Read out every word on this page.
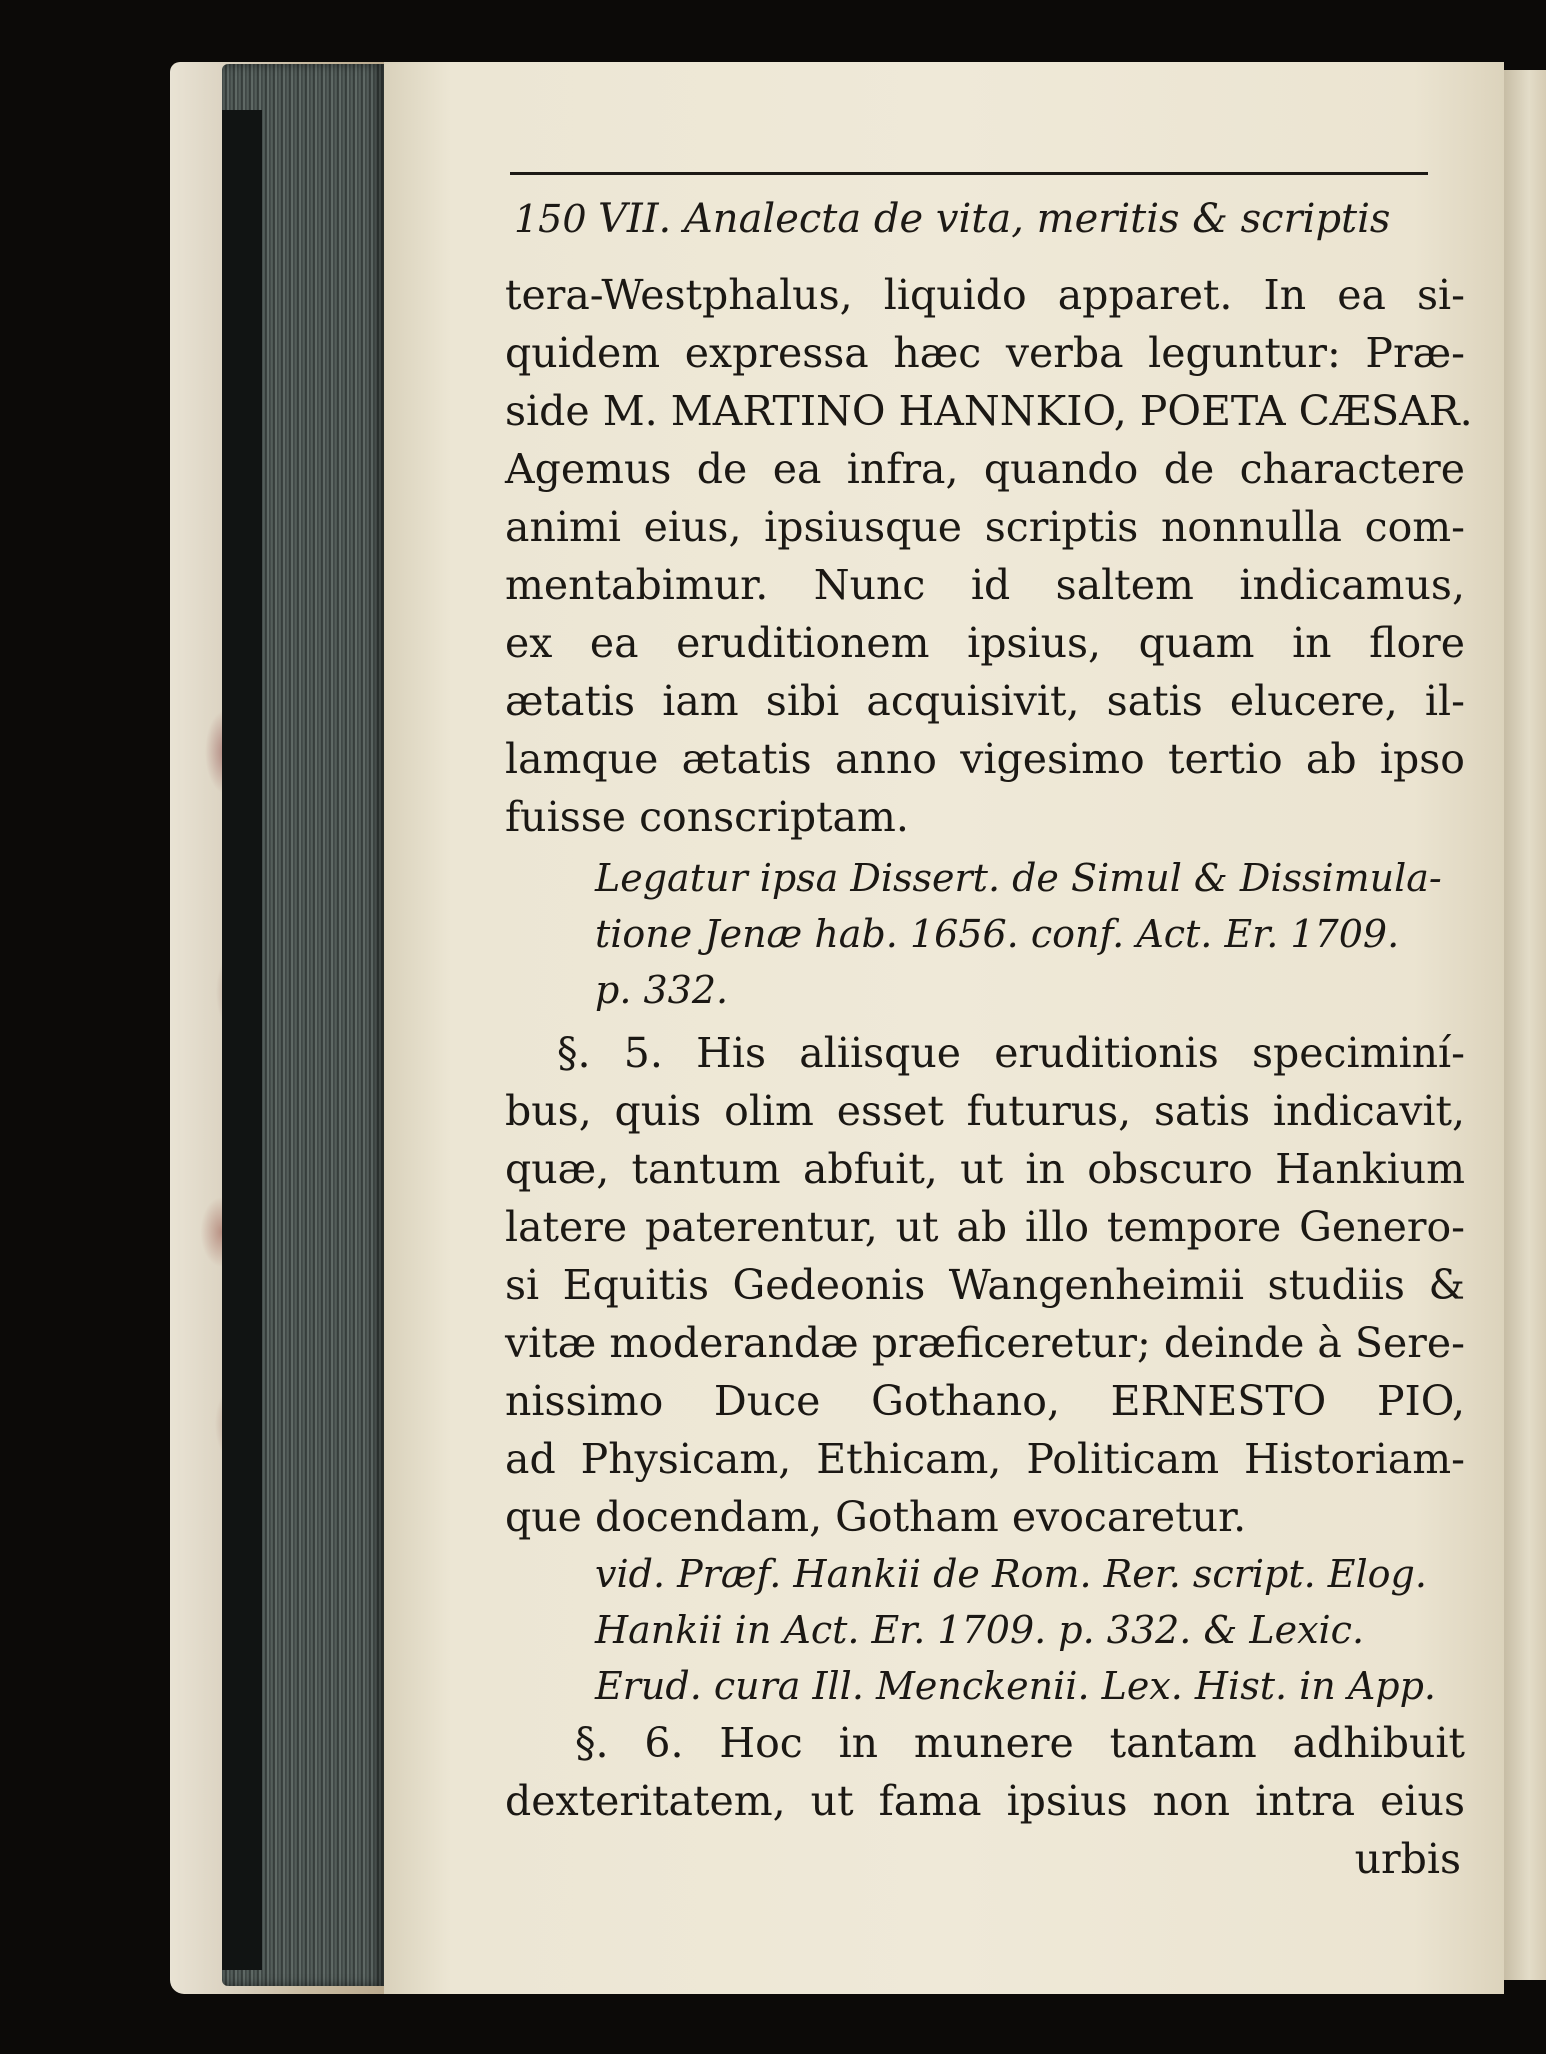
150 VII. Analecta de vita, meritis & scriptis
tera-Westphalus, liquido apparet. In ea si-
quidem expressa hæc verba leguntur: Præ-
side M. MARTINO HANNKIO, POETA CÆSAR.
Agemus de ea infra, quando de charactere
animi eius, ipsiusque scriptis nonnulla com-
mentabimur. Nunc id saltem indicamus,
ex ea eruditionem ipsius, quam in flore
ætatis iam sibi acquisivit, satis elucere, il-
lamque ætatis anno vigesimo tertio ab ipso
fuisse conscriptam.
Legatur ipsa Dissert. de Simul & Dissimula-
tione Jenæ hab. 1656. conf. Act. Er. 1709.
p. 332.
§. 5. His aliisque eruditionis speciminí-
bus, quis olim esset futurus, satis indicavit,
quæ, tantum abfuit, ut in obscuro Hankium
latere paterentur, ut ab illo tempore Genero-
si Equitis Gedeonis Wangenheimii studiis &
vitæ moderandæ præficeretur; deinde à Sere-
nissimo Duce Gothano, ERNESTO PIO,
ad Physicam, Ethicam, Politicam Historiam-
que docendam, Gotham evocaretur.
vid. Præf. Hankii de Rom. Rer. script. Elog.
Hankii in Act. Er. 1709. p. 332. & Lexic.
Erud. cura Ill. Menckenii. Lex. Hist. in App.
§. 6. Hoc in munere tantam adhibuit
dexteritatem, ut fama ipsius non intra eius
urbis
